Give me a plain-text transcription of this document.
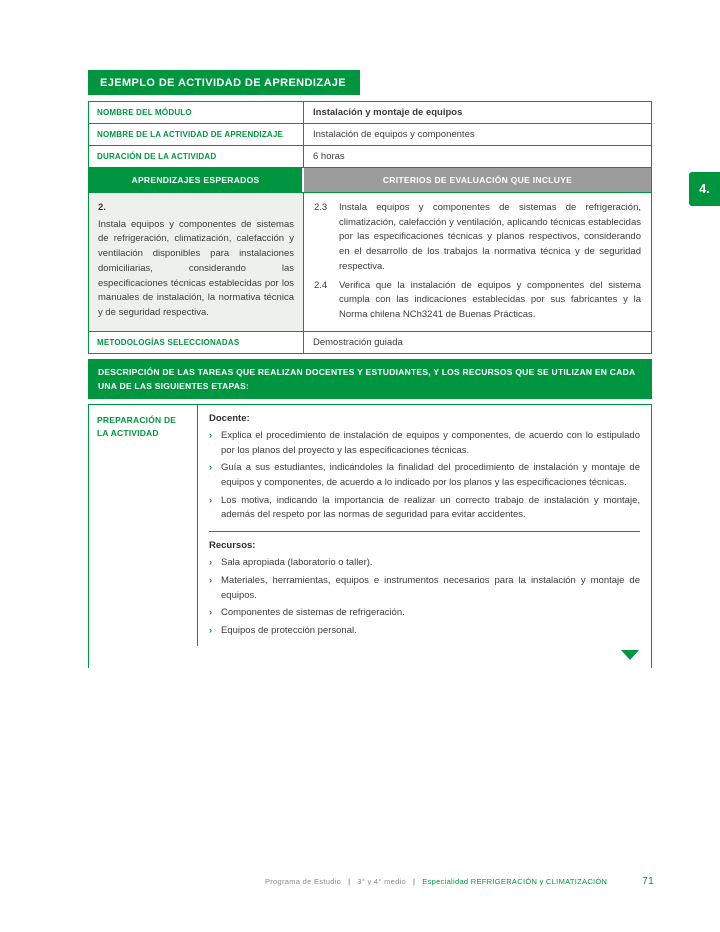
4.
EJEMPLO DE ACTIVIDAD DE APRENDIZAJE
NOMBRE DEL MÓDULO	Instalación y montaje de equipos
NOMBRE DE LA ACTIVIDAD DE APRENDIZAJE	Instalación de equipos y componentes
DURACIÓN DE LA ACTIVIDAD	6 horas
APRENDIZAJES ESPERADOS	CRITERIOS DE EVALUACIÓN QUE INCLUYE
2.
Instala equipos y componentes de sistemas de refrigeración, climatización, calefacción y ventilación disponibles para instalaciones domiciliarias, considerando las especificaciones técnicas establecidas por los manuales de instalación, la normativa técnica y de seguridad respectiva.
2.3	Instala equipos y componentes de sistemas de refrigeración, climatización, calefacción y ventilación, aplicando técnicas establecidas por las especificaciones técnicas y planos respectivos, considerando en el desarrollo de los trabajos la normativa técnica y de seguridad respectiva.
2.4	Verifica que la instalación de equipos y componentes del sistema cumpla con las indicaciones establecidas por sus fabricantes y la Norma chilena NCh3241 de Buenas Prácticas.
METODOLOGÍAS SELECCIONADAS	Demostración guiada
DESCRIPCIÓN DE LAS TAREAS QUE REALIZAN DOCENTES Y ESTUDIANTES, Y LOS RECURSOS QUE SE UTILIZAN EN CADA UNA DE LAS SIGUIENTES ETAPAS:
PREPARACIÓN DE LA ACTIVIDAD
Docente:
› Explica el procedimiento de instalación de equipos y componentes, de acuerdo con lo estipulado por los planos del proyecto y las especificaciones técnicas.
› Guía a sus estudiantes, indicándoles la finalidad del procedimiento de instalación y montaje de equipos y componentes, de acuerdo a lo indicado por los planos y las especificaciones técnicas.
› Los motiva, indicando la importancia de realizar un correcto trabajo de instalación y montaje, además del respeto por las normas de seguridad para evitar accidentes.
Recursos:
› Sala apropiada (laboratorio o taller).
› Materiales, herramientas, equipos e instrumentos necesarios para la instalación y montaje de equipos.
› Componentes de sistemas de refrigeración.
› Equipos de protección personal.
Programa de Estudio | 3° y 4° medio | Especialidad REFRIGERACIÓN y CLIMATIZACIÓN	71
